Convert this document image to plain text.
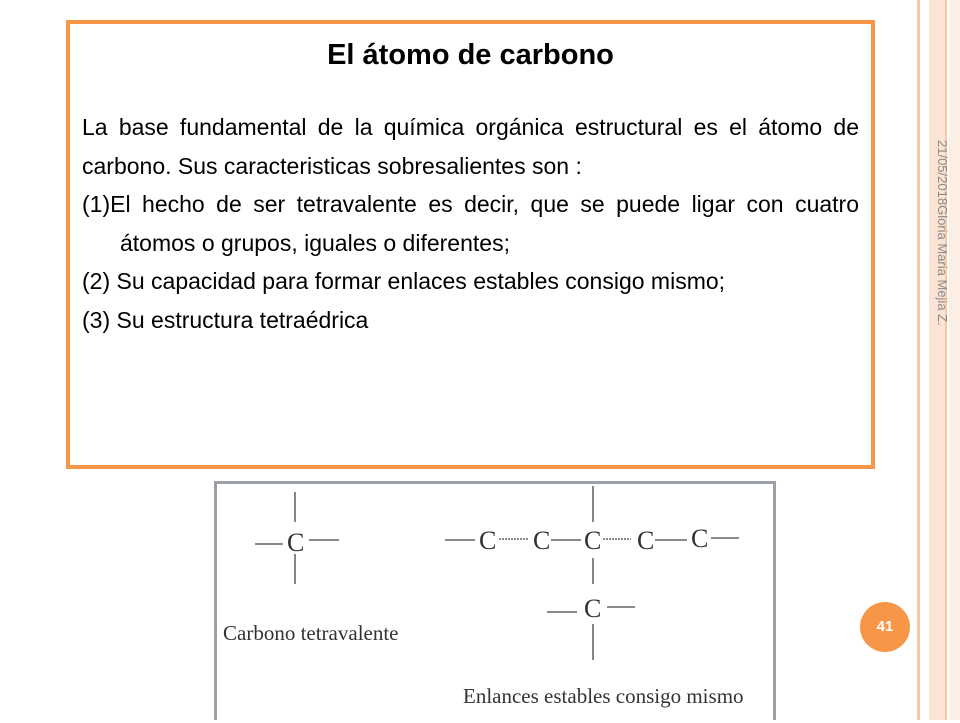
21/05/2018Gloria Maria Mejia Z.

El átomo de carbono

La base fundamental de la química orgánica estructural es el átomo de carbono. Sus caracteristicas sobresalientes son :

(1)El hecho de ser tetravalente es decir, que se puede ligar con cuatro átomos o grupos, iguales o diferentes;

(2) Su capacidad para formar enlaces estables consigo mismo;

(3) Su estructura tetraédrica

C	C C C C C
C
Carbono tetravalente
Enlances estables consigo mismo
41
